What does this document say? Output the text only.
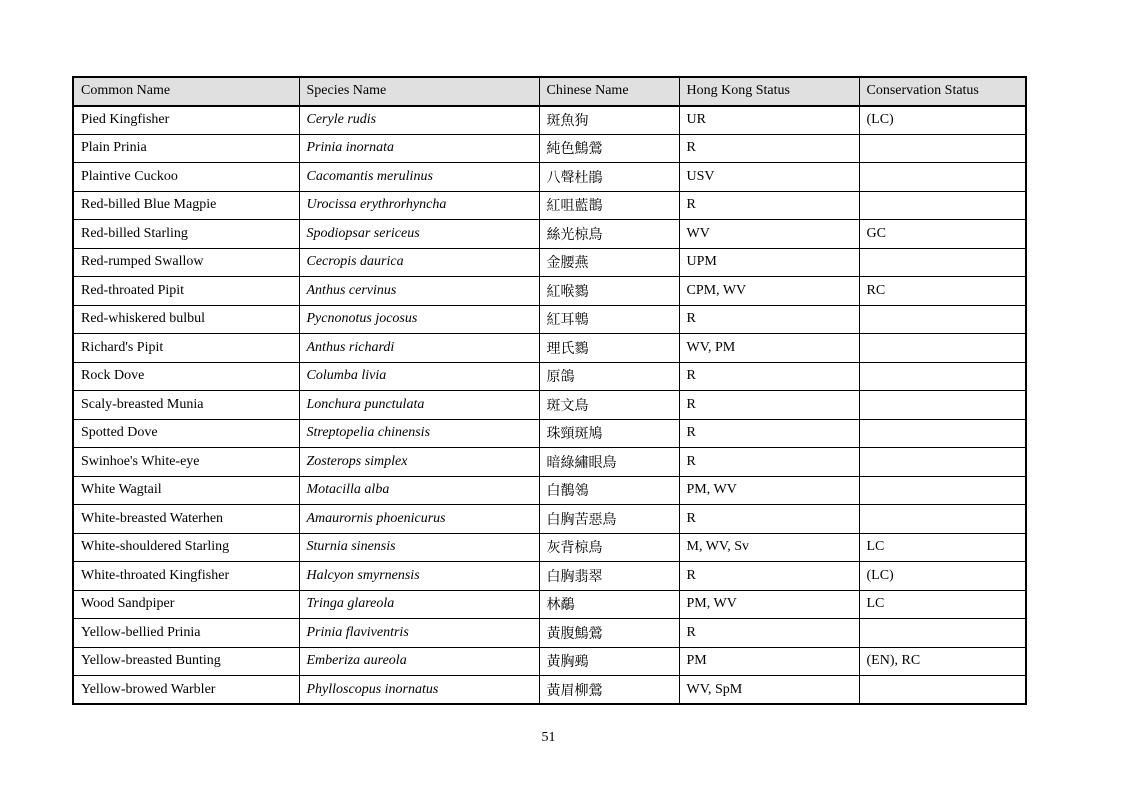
Common Name	Species Name	Chinese Name	Hong Kong Status	Conservation Status
Pied Kingfisher	Ceryle rudis	斑魚狗	UR	(LC)
Plain Prinia	Prinia inornata	純色鷦鶯	R	
Plaintive Cuckoo	Cacomantis merulinus	八聲杜鵑	USV	
Red-billed Blue Magpie	Urocissa erythrorhyncha	紅咀藍鵲	R	
Red-billed Starling	Spodiopsar sericeus	絲光椋鳥	WV	GC
Red-rumped Swallow	Cecropis daurica	金腰燕	UPM	
Red-throated Pipit	Anthus cervinus	紅喉鷚	CPM, WV	RC
Red-whiskered bulbul	Pycnonotus jocosus	紅耳鵯	R	
Richard's Pipit	Anthus richardi	理氏鷚	WV, PM	
Rock Dove	Columba livia	原鴿	R	
Scaly-breasted Munia	Lonchura punctulata	斑文鳥	R	
Spotted Dove	Streptopelia chinensis	珠頸斑鳩	R	
Swinhoe's White-eye	Zosterops simplex	暗綠繡眼鳥	R	
White Wagtail	Motacilla alba	白鶺鴒	PM, WV	
White-breasted Waterhen	Amaurornis phoenicurus	白胸苦惡鳥	R	
White-shouldered Starling	Sturnia sinensis	灰背椋鳥	M, WV, Sv	LC
White-throated Kingfisher	Halcyon smyrnensis	白胸翡翠	R	(LC)
Wood Sandpiper	Tringa glareola	林鷸	PM, WV	LC
Yellow-bellied Prinia	Prinia flaviventris	黃腹鷦鶯	R	
Yellow-breasted Bunting	Emberiza aureola	黃胸鵐	PM	(EN), RC
Yellow-browed Warbler	Phylloscopus inornatus	黃眉柳鶯	WV, SpM	
51
